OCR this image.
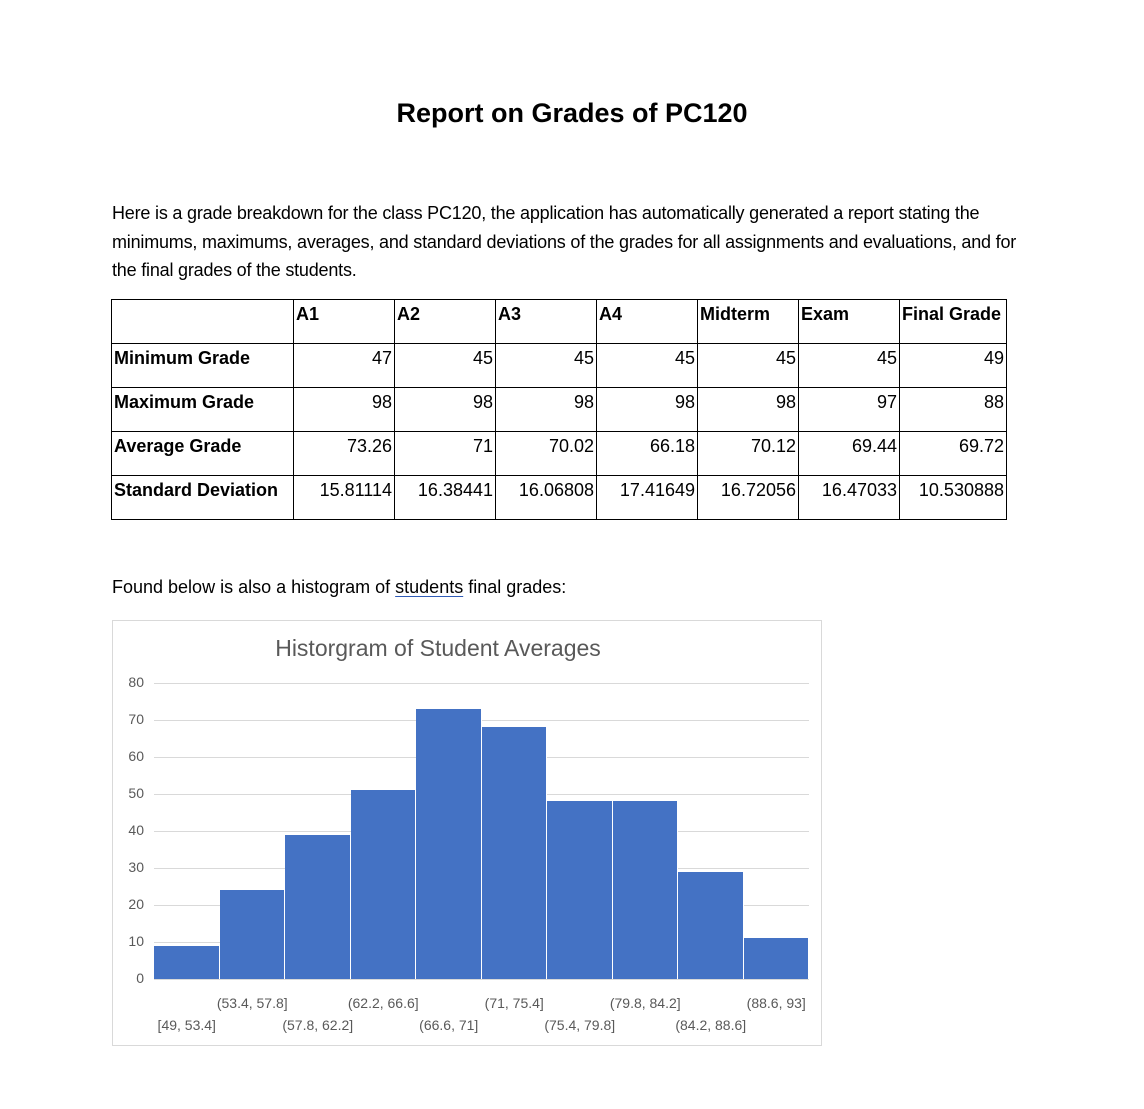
Report on Grades of PC120
Here is a grade breakdown for the class PC120, the application has automatically generated a report stating the minimums, maximums, averages, and standard deviations of the grades for all assignments and evaluations, and for the final grades of the students.
	A1	A2	A3	A4	Midterm	Exam	Final Grade
Minimum Grade	47	45	45	45	45	45	49
Maximum Grade	98	98	98	98	98	97	88
Average Grade	73.26	71	70.02	66.18	70.12	69.44	69.72
Standard Deviation	15.81114	16.38441	16.06808	17.41649	16.72056	16.47033	10.530888
Found below is also a histogram of students final grades:
Historgram of Student Averages
0
10
20
30
40
50
60
70
80
[49, 53.4]
(53.4, 57.8]
(57.8, 62.2]
(62.2, 66.6]
(66.6, 71]
(71, 75.4]
(75.4, 79.8]
(79.8, 84.2]
(84.2, 88.6]
(88.6, 93]
